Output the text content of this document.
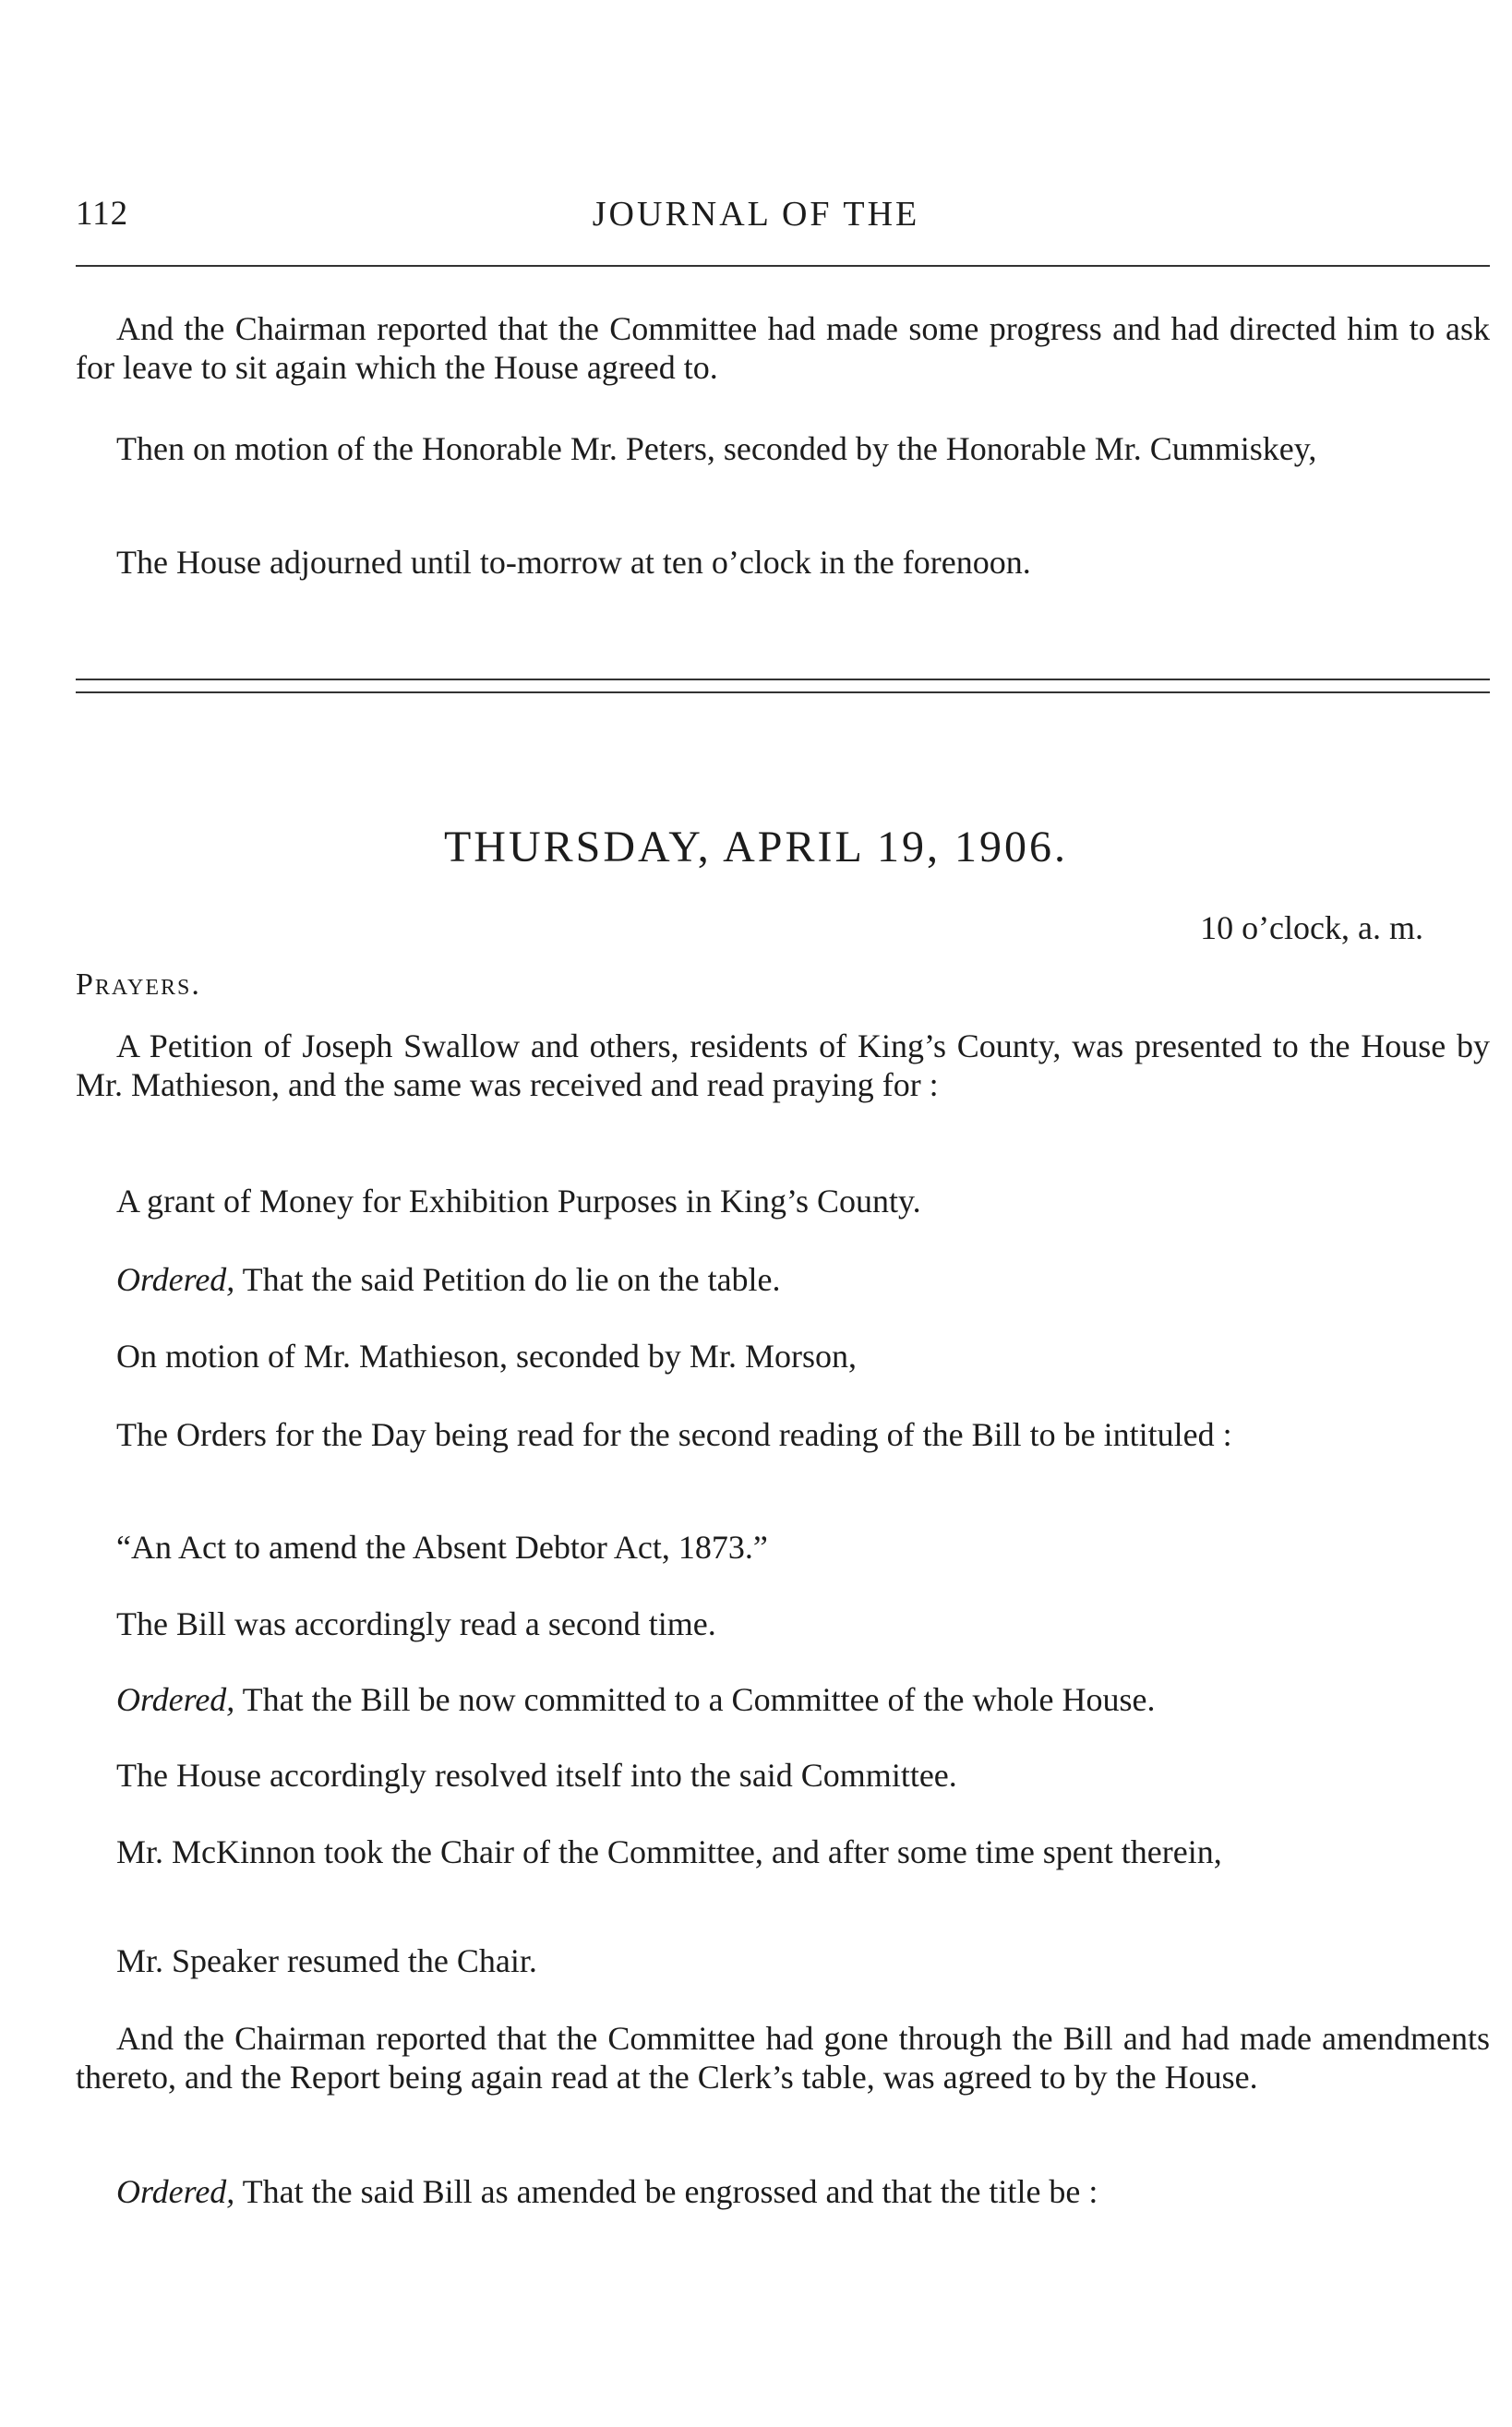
112	JOURNAL OF THE

And the Chairman reported that the Committee had made some progress and had directed him to ask for leave to sit again which the House agreed to.

Then on motion of the Honorable Mr. Peters, seconded by the Honorable Mr. Cummiskey,

The House adjourned until to-morrow at ten o’clock in the forenoon.

THURSDAY, APRIL 19, 1906.
10 o’clock, a. m.
Prayers.

A Petition of Joseph Swallow and others, residents of King’s County, was presented to the House by Mr. Mathieson, and the same was received and read praying for :

A grant of Money for Exhibition Purposes in King’s County.

Ordered, That the said Petition do lie on the table.

On motion of Mr. Mathieson, seconded by Mr. Morson,

The Orders for the Day being read for the second reading of the Bill to be intituled :

“An Act to amend the Absent Debtor Act, 1873.”

The Bill was accordingly read a second time.

Ordered, That the Bill be now committed to a Committee of the whole House.

The House accordingly resolved itself into the said Committee.

Mr. McKinnon took the Chair of the Committee, and after some time spent therein,

Mr. Speaker resumed the Chair.

And the Chairman reported that the Committee had gone through the Bill and had made amendments thereto, and the Report being again read at the Clerk’s table, was agreed to by the House.

Ordered, That the said Bill as amended be engrossed and that the title be :
